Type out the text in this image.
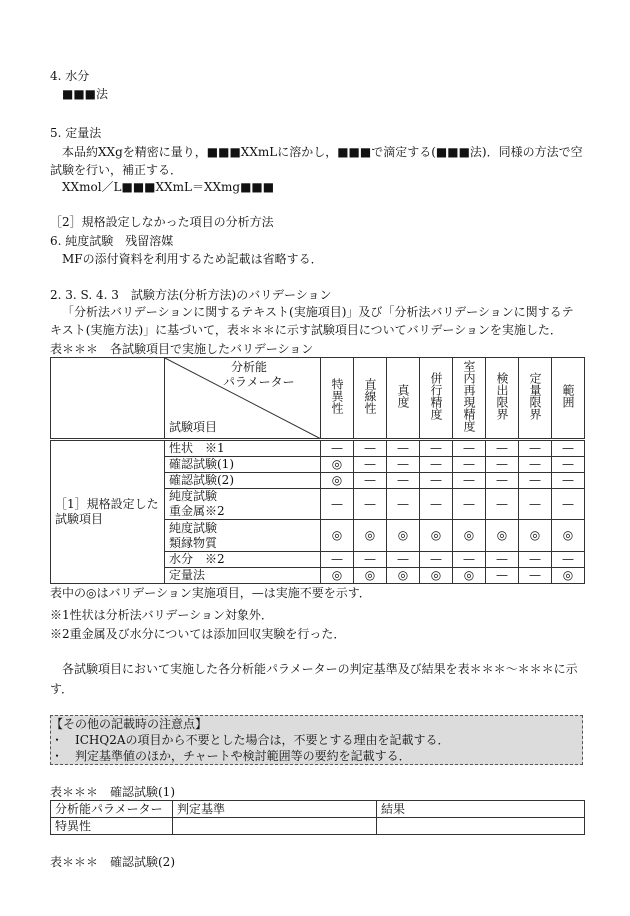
4. 水分
■■■法
5. 定量法
本品約XXgを精密に量り，■■■XXmLに溶かし，■■■で滴定する(■■■法)．同様の方法で空試験を行い，補正する．
XXmol／L■■■XXmL＝XXmg■■■
［2］規格設定しなかった項目の分析方法
6. 純度試験　残留溶媒
MFの添付資料を利用するため記載は省略する．
2. 3. S. 4. 3　試験方法(分析方法)のバリデーション
「分析法バリデーションに関するテキスト(実施項目)」及び「分析法バリデーションに関するテキスト(実施方法)」に基づいて，表＊＊＊に示す試験項目についてバリデーションを実施した．
表＊＊＊　各試験項目で実施したバリデーション

	分析能
パラメーター
試験項目	特異性	直線性	真度	併行精度	室内再現精度	検出限界	定量限界	範囲
［1］規格設定した試験項目	性状　※1	—	—	—	—	—	—	—	—
	確認試験(1)	◎	—	—	—	—	—	—	—
	確認試験(2)	◎	—	—	—	—	—	—	—
	純度試験
重金属※2	—	—	—	—	—	—	—	—
	純度試験
類縁物質	◎	◎	◎	◎	◎	◎	◎	◎
	水分　※2	—	—	—	—	—	—	—	—
	定量法	◎	◎	◎	◎	◎	—	—	◎
表中の◎はバリデーション実施項目，—は実施不要を示す．
※1性状は分析法バリデーション対象外．
※2重金属及び水分については添加回収実験を行った．
各試験項目において実施した各分析能パラメーターの判定基準及び結果を表＊＊＊～＊＊＊に示す．
【その他の記載時の注意点】
・　ICHQ2Aの項目から不要とした場合は，不要とする理由を記載する．
・　判定基準値のほか，チャートや検討範囲等の要約を記載する．
表＊＊＊　確認試験(1)
分析能パラメーター	判定基準	結果
特異性		
表＊＊＊　確認試験(2)
